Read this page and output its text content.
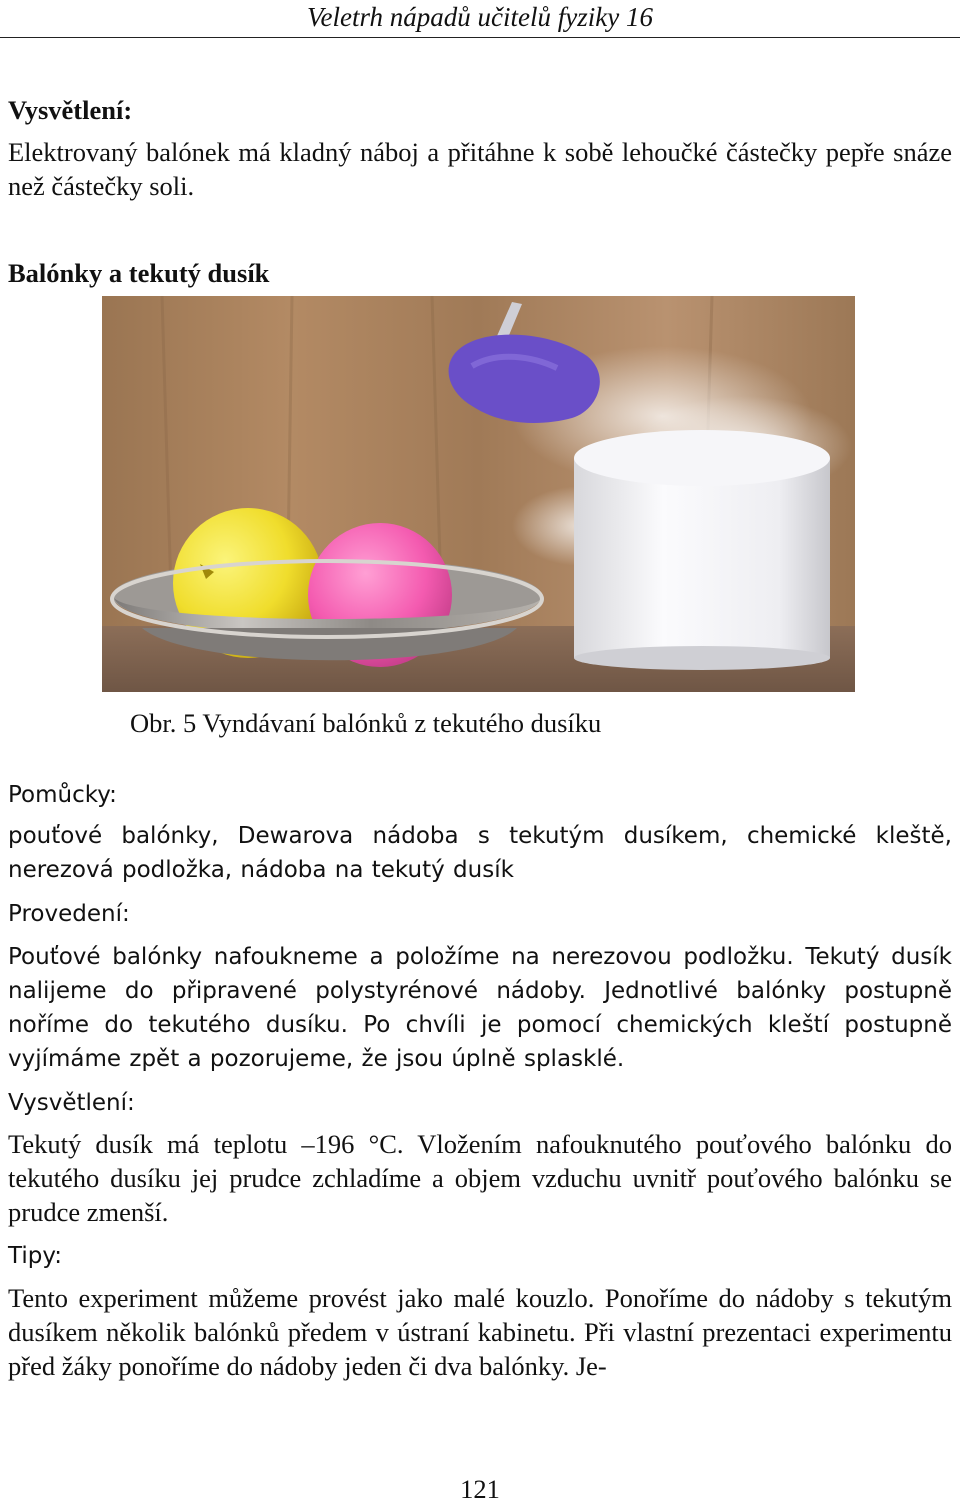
Veletrh nápadů učitelů fyziky 16
Vysvětlení:
Elektrovaný balónek má kladný náboj a přitáhne k sobě lehoučké částečky pepře snáze než částečky soli.
Balónky a tekutý dusík
Obr. 5 Vyndávaní balónků z tekutého dusíku
Pomůcky:
pouťové balónky, Dewarova nádoba s tekutým dusíkem, chemické kleště, nerezová podložka, nádoba na tekutý dusík
Provedení:
Pouťové balónky nafoukneme a položíme na nerezovou podložku. Tekutý dusík nalijeme do připravené polystyrénové nádoby. Jednotlivé balónky postupně noříme do tekutého dusíku. Po chvíli je pomocí chemických kleští postupně vyjímáme zpět a pozorujeme, že jsou úplně splasklé.
Vysvětlení:
Tekutý dusík má teplotu –196 °C. Vložením nafouknutého pouťového balónku do tekutého dusíku jej prudce zchladíme a objem vzduchu uvnitř pouťového balónku se prudce zmenší.
Tipy:
Tento experiment můžeme provést jako malé kouzlo. Ponoříme do nádoby s tekutým dusíkem několik balónků předem v ústraní kabinetu. Při vlastní prezentaci experimentu před žáky ponoříme do nádoby jeden či dva balónky. Je-
121
